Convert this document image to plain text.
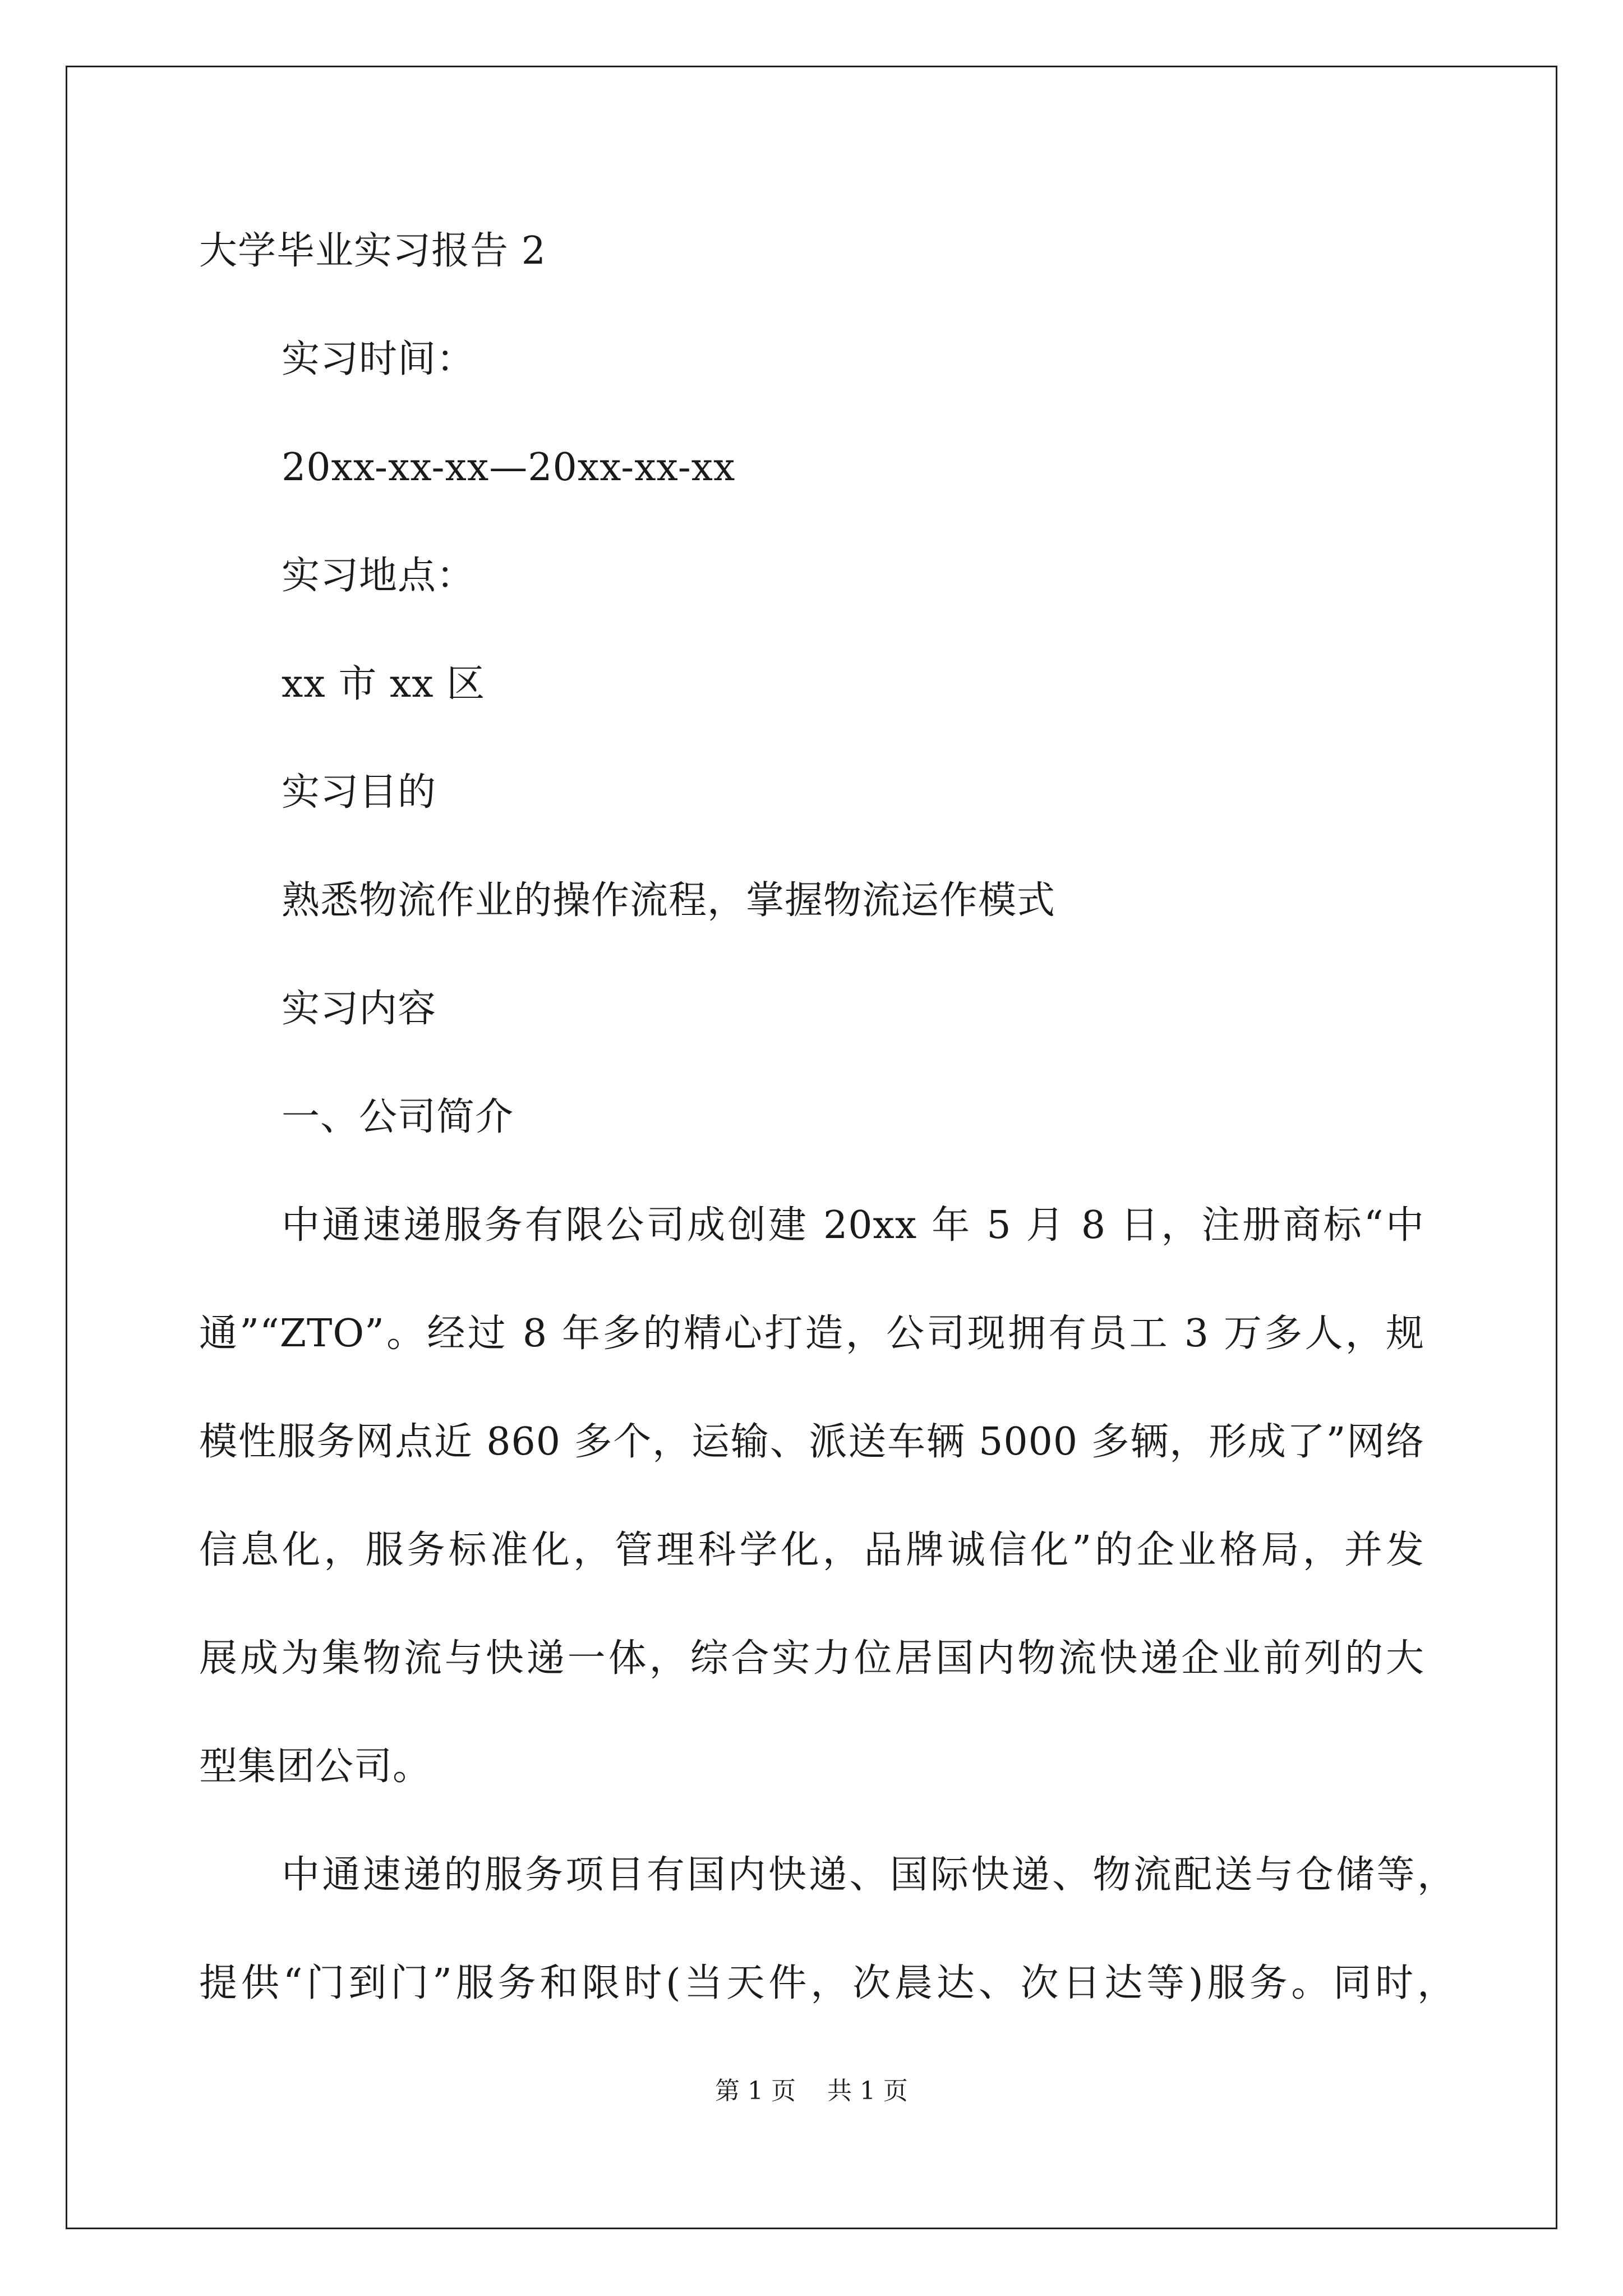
大学毕业实习报告 2

实习时间：

20xx-xx-xx—20xx-xx-xx

实习地点：

xx 市 xx 区

实习目的

熟悉物流作业的操作流程，掌握物流运作模式

实习内容

一、公司简介

中通速递服务有限公司成创建 20xx 年 5 月 8 日，注册商标“中

通”“ZTO”。经过 8 年多的精心打造，公司现拥有员工 3 万多人，规

模性服务网点近 860 多个，运输、派送车辆 5000 多辆，形成了”网络

信息化，服务标准化，管理科学化，品牌诚信化”的企业格局，并发

展成为集物流与快递一体，综合实力位居国内物流快递企业前列的大

型集团公司。

中通速递的服务项目有国内快递、国际快递、物流配送与仓储等，

提供“门到门”服务和限时(当天件，次晨达、次日达等)服务。同时，

第 1 页    共 1 页
